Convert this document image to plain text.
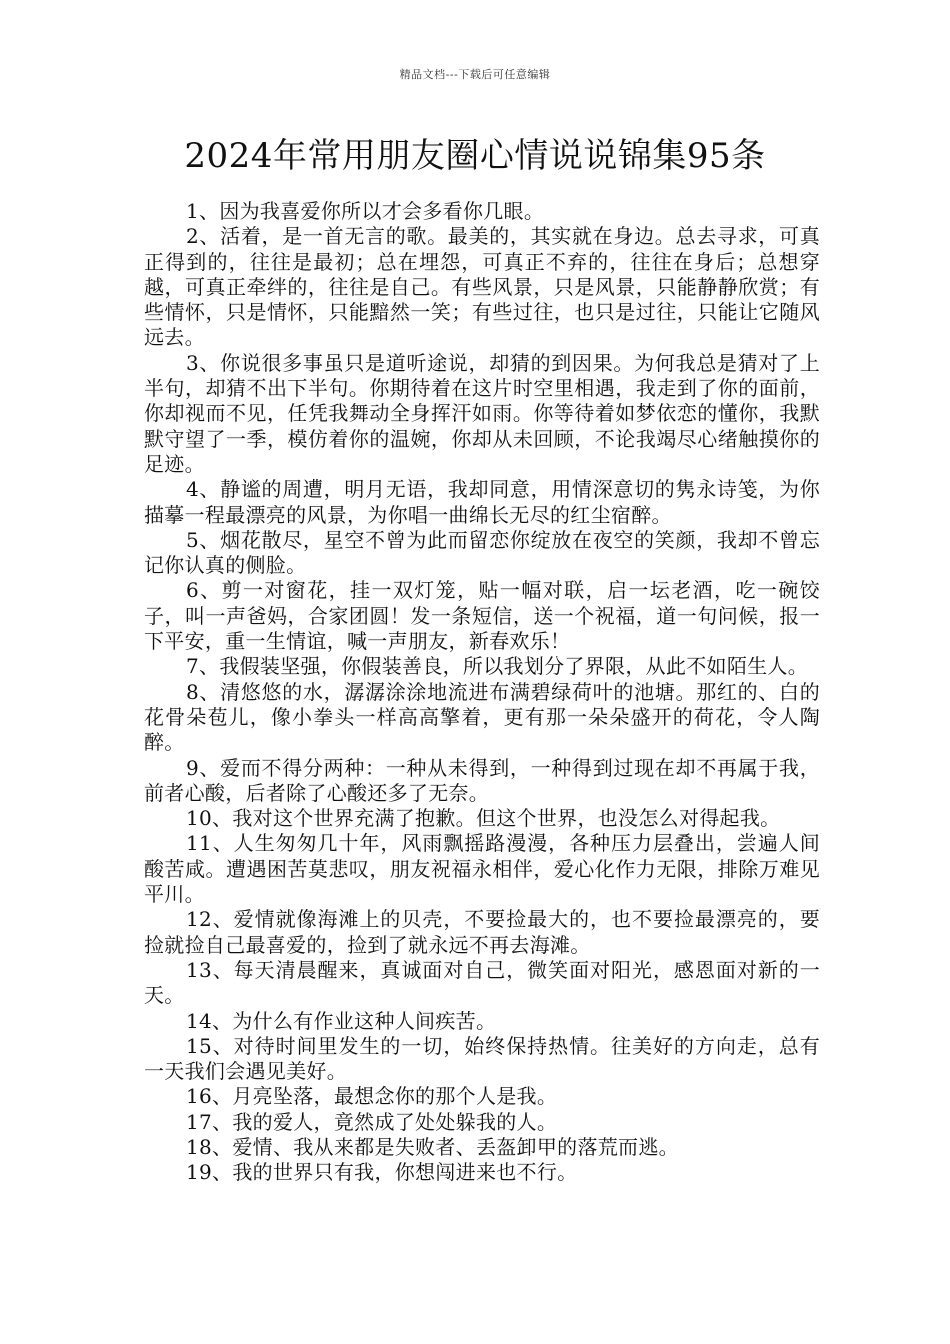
精品文档---下载后可任意编辑
2024年常用朋友圈心情说说锦集95条

1、因为我喜爱你所以才会多看你几眼。

2、活着，是一首无言的歌。最美的，其实就在身边。总去寻求，可真正得到的，往往是最初；总在埋怨，可真正不弃的，往往在身后；总想穿越，可真正牵绊的，往往是自己。有些风景，只是风景，只能静静欣赏；有些情怀，只是情怀，只能黯然一笑；有些过往，也只是过往，只能让它随风远去。

3、你说很多事虽只是道听途说，却猜的到因果。为何我总是猜对了上半句，却猜不出下半句。你期待着在这片时空里相遇，我走到了你的面前，你却视而不见，任凭我舞动全身挥汗如雨。你等待着如梦依恋的懂你，我默默守望了一季，模仿着你的温婉，你却从未回顾，不论我竭尽心绪触摸你的足迹。

4、静谧的周遭，明月无语，我却同意，用情深意切的隽永诗笺，为你描摹一程最漂亮的风景，为你唱一曲绵长无尽的红尘宿醉。

5、烟花散尽，星空不曾为此而留恋你绽放在夜空的笑颜，我却不曾忘记你认真的侧脸。

6、剪一对窗花，挂一双灯笼，贴一幅对联，启一坛老酒，吃一碗饺子，叫一声爸妈，合家团圆！发一条短信，送一个祝福，道一句问候，报一下平安，重一生情谊，喊一声朋友，新春欢乐！

7、我假装坚强，你假装善良，所以我划分了界限，从此不如陌生人。

8、清悠悠的水，潺潺涂涂地流进布满碧绿荷叶的池塘。那红的、白的花骨朵苞儿，像小拳头一样高高擎着，更有那一朵朵盛开的荷花，令人陶醉。

9、爱而不得分两种：一种从未得到，一种得到过现在却不再属于我，前者心酸，后者除了心酸还多了无奈。

10、我对这个世界充满了抱歉。但这个世界，也没怎么对得起我。

11、人生匆匆几十年，风雨飘摇路漫漫，各种压力层叠出，尝遍人间酸苦咸。遭遇困苦莫悲叹，朋友祝福永相伴，爱心化作力无限，排除万难见平川。

12、爱情就像海滩上的贝壳，不要捡最大的，也不要捡最漂亮的，要捡就捡自己最喜爱的，捡到了就永远不再去海滩。

13、每天清晨醒来，真诚面对自己，微笑面对阳光，感恩面对新的一天。

14、为什么有作业这种人间疾苦。

15、对待时间里发生的一切，始终保持热情。往美好的方向走，总有一天我们会遇见美好。

16、月亮坠落，最想念你的那个人是我。

17、我的爱人，竟然成了处处躲我的人。

18、爱情、我从来都是失败者、丢盔卸甲的落荒而逃。

19、我的世界只有我，你想闯进来也不行。
